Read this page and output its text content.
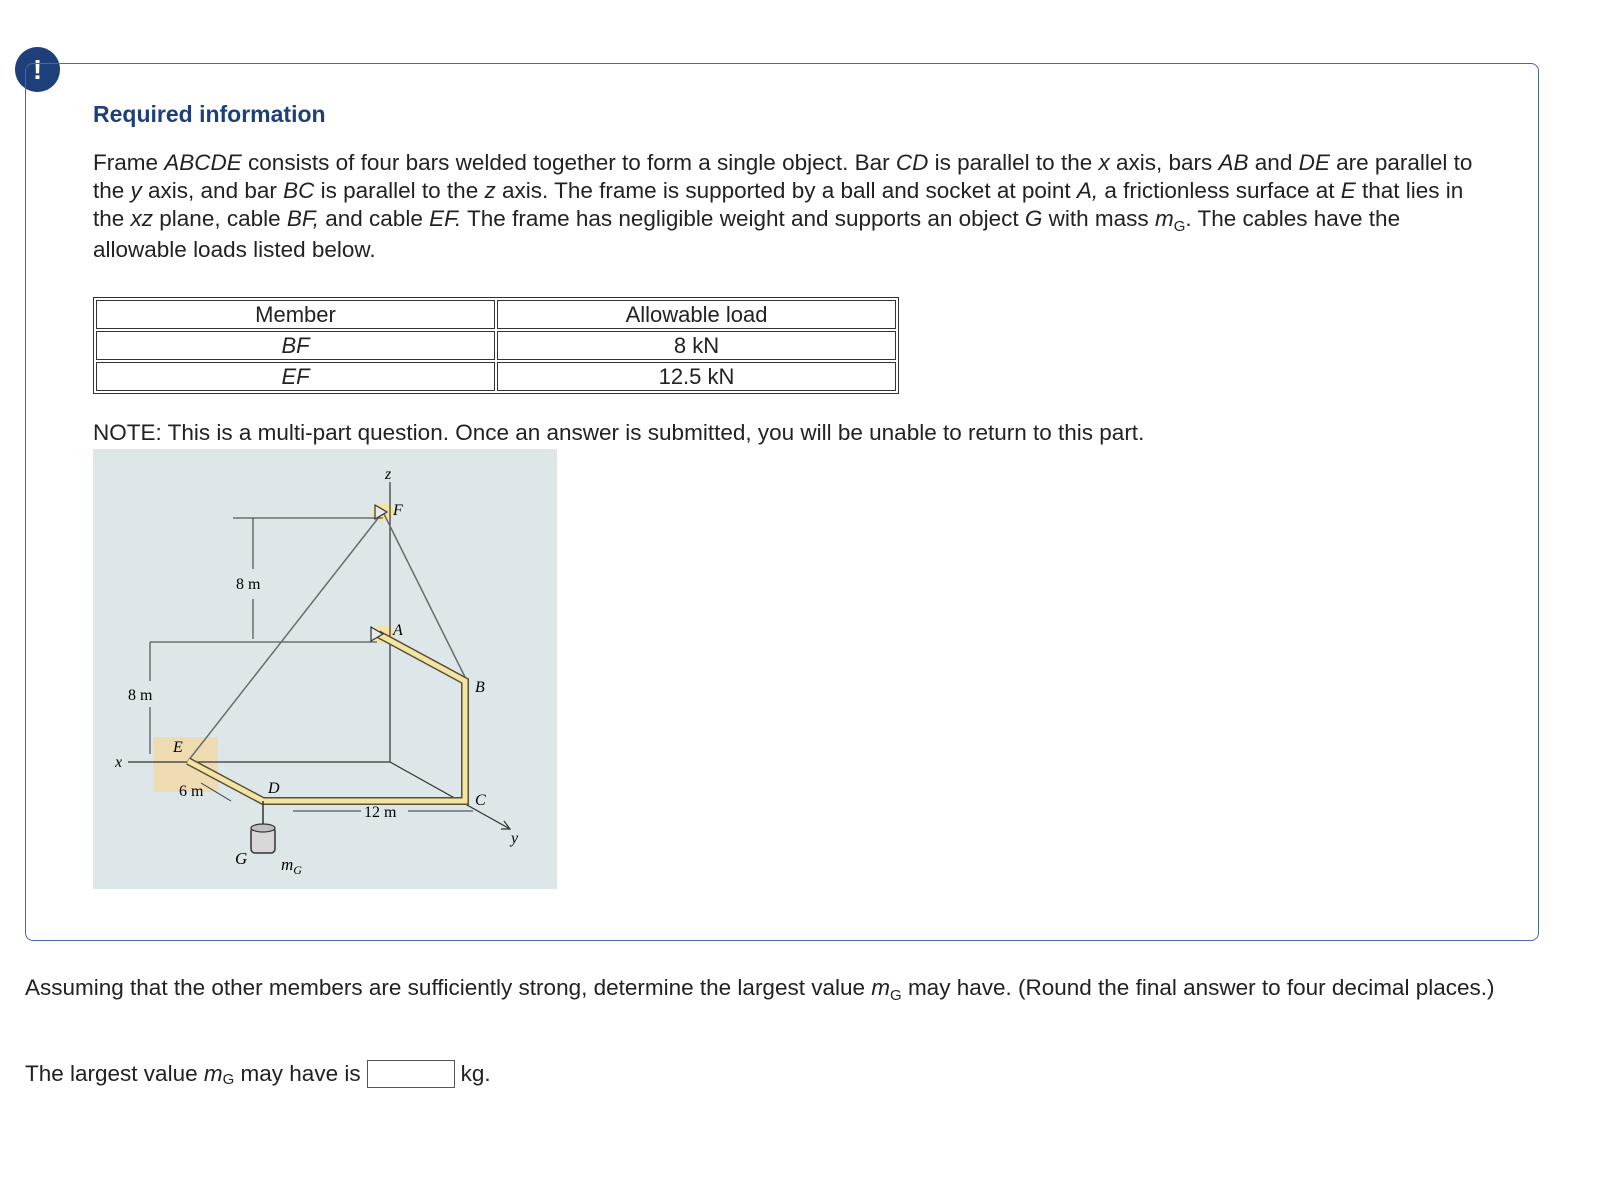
!
Required information
Frame ABCDE consists of four bars welded together to form a single object. Bar CD is parallel to the x axis, bars AB and DE are parallel to the y axis, and bar BC is parallel to the z axis. The frame is supported by a ball and socket at point A, a frictionless surface at E that lies in the xz plane, cable BF, and cable EF. The frame has negligible weight and supports an object G with mass $m_G$. The cables have the allowable loads listed below.
Member	Allowable load
BF	8 kN
EF	12.5 kN
NOTE: This is a multi-part question. Once an answer is submitted, you will be unable to return to this part.
z
F
A
B
C
D
E
x
y
G $m_G$
8 m
8 m
6 m
12 m
Assuming that the other members are sufficiently strong, determine the largest value $m_G$ may have. (Round the final answer to four decimal places.)
The largest value m G may have is	kg.
